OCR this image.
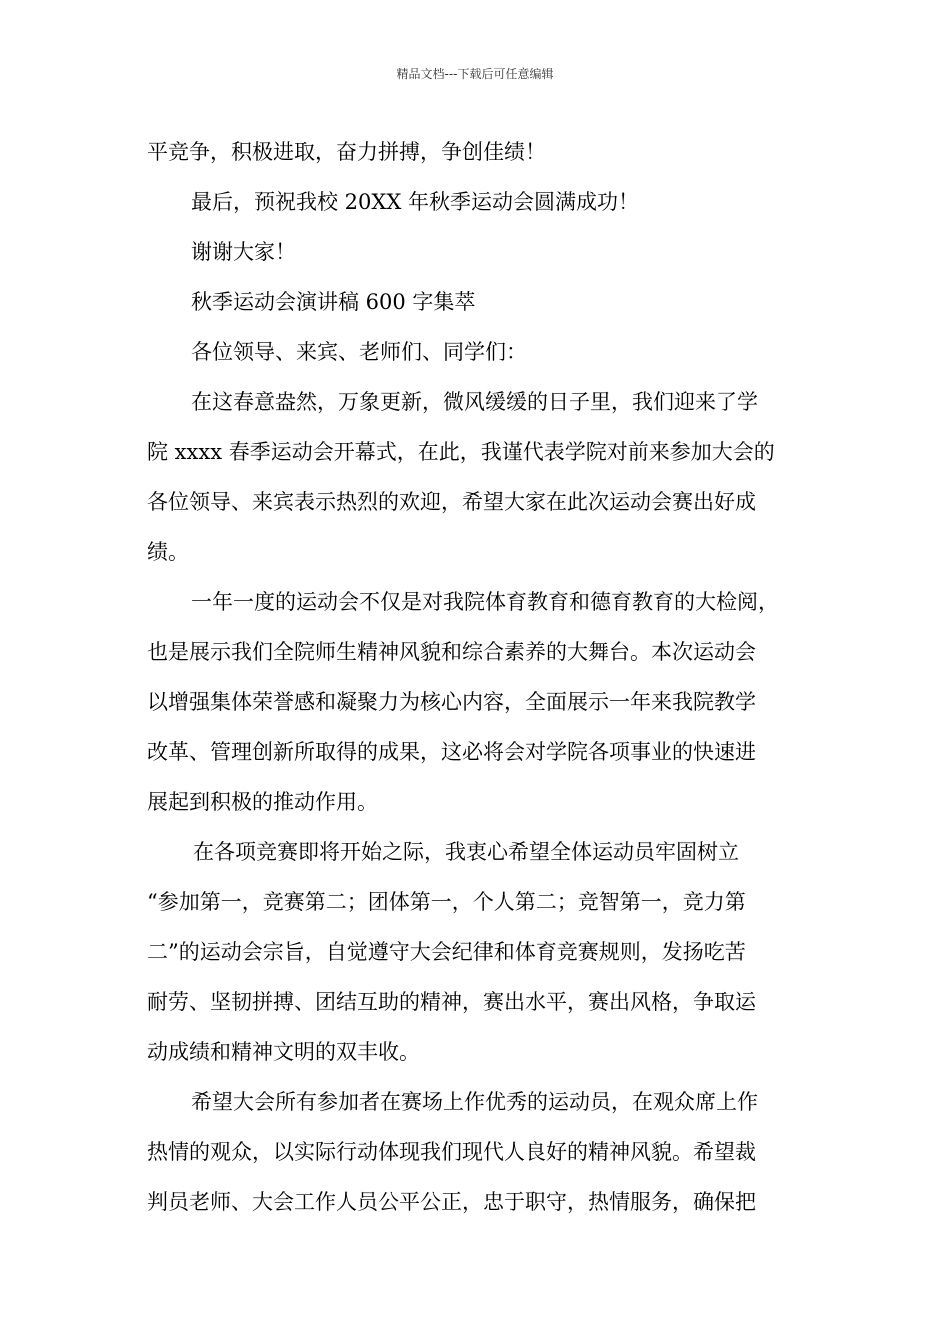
精品文档---下载后可任意编辑
平竞争，积极进取，奋力拼搏，争创佳绩！
最后，预祝我校 20XX 年秋季运动会圆满成功！
谢谢大家！
秋季运动会演讲稿 600 字集萃
各位领导、来宾、老师们、同学们：
在这春意盎然，万象更新，微风缓缓的日子里，我们迎来了学
院 xxxx 春季运动会开幕式，在此，我谨代表学院对前来参加大会的
各位领导、来宾表示热烈的欢迎，希望大家在此次运动会赛出好成
绩。
一年一度的运动会不仅是对我院体育教育和德育教育的大检阅，
也是展示我们全院师生精神风貌和综合素养的大舞台。本次运动会
以增强集体荣誉感和凝聚力为核心内容，全面展示一年来我院教学
改革、管理创新所取得的成果，这必将会对学院各项事业的快速进
展起到积极的推动作用。
在各项竞赛即将开始之际，我衷心希望全体运动员牢固树立
“参加第一，竞赛第二；团体第一，个人第二；竞智第一，竞力第
二”的运动会宗旨，自觉遵守大会纪律和体育竞赛规则，发扬吃苦
耐劳、坚韧拼搏、团结互助的精神，赛出水平，赛出风格，争取运
动成绩和精神文明的双丰收。
希望大会所有参加者在赛场上作优秀的运动员，在观众席上作
热情的观众，以实际行动体现我们现代人良好的精神风貌。希望裁
判员老师、大会工作人员公平公正，忠于职守，热情服务，确保把
